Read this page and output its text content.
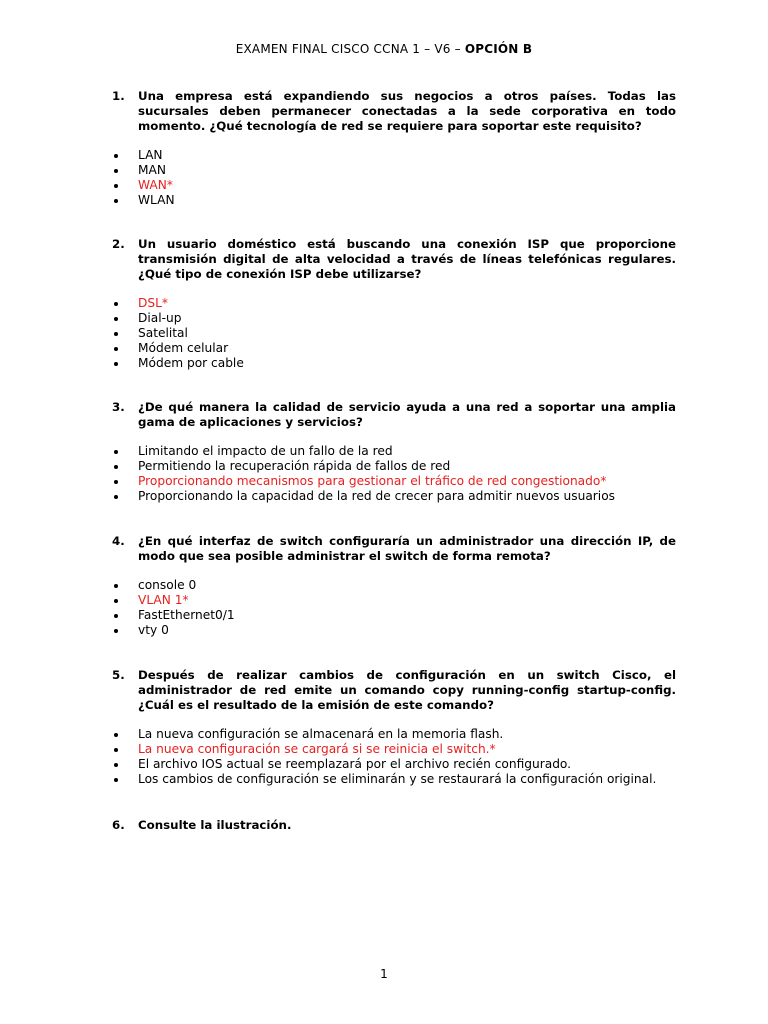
EXAMEN FINAL CISCO CCNA 1 – V6 – OPCIÓN B
1.	Una empresa está expandiendo sus negocios a otros países. Todas las sucursales deben permanecer conectadas a la sede corporativa en todo momento. ¿Qué tecnología de red se requiere para soportar este requisito?
LAN
MAN
WAN*
WLAN
2.	Un usuario doméstico está buscando una conexión ISP que proporcione transmisión digital de alta velocidad a través de líneas telefónicas regulares. ¿Qué tipo de conexión ISP debe utilizarse?
DSL*
Dial-up
Satelital
Módem celular
Módem por cable
3.	¿De qué manera la calidad de servicio ayuda a una red a soportar una amplia gama de aplicaciones y servicios?
Limitando el impacto de un fallo de la red
Permitiendo la recuperación rápida de fallos de red
Proporcionando mecanismos para gestionar el tráfico de red congestionado*
Proporcionando la capacidad de la red de crecer para admitir nuevos usuarios
4.	¿En qué interfaz de switch configuraría un administrador una dirección IP, de modo que sea posible administrar el switch de forma remota?
console 0
VLAN 1*
FastEthernet0/1
vty 0
5.	Después de realizar cambios de configuración en un switch Cisco, el administrador de red emite un comando copy running-config startup-config. ¿Cuál es el resultado de la emisión de este comando?
La nueva configuración se almacenará en la memoria flash.
La nueva configuración se cargará si se reinicia el switch.*
El archivo IOS actual se reemplazará por el archivo recién configurado.
Los cambios de configuración se eliminarán y se restaurará la configuración original.
6.	Consulte la ilustración.
1
